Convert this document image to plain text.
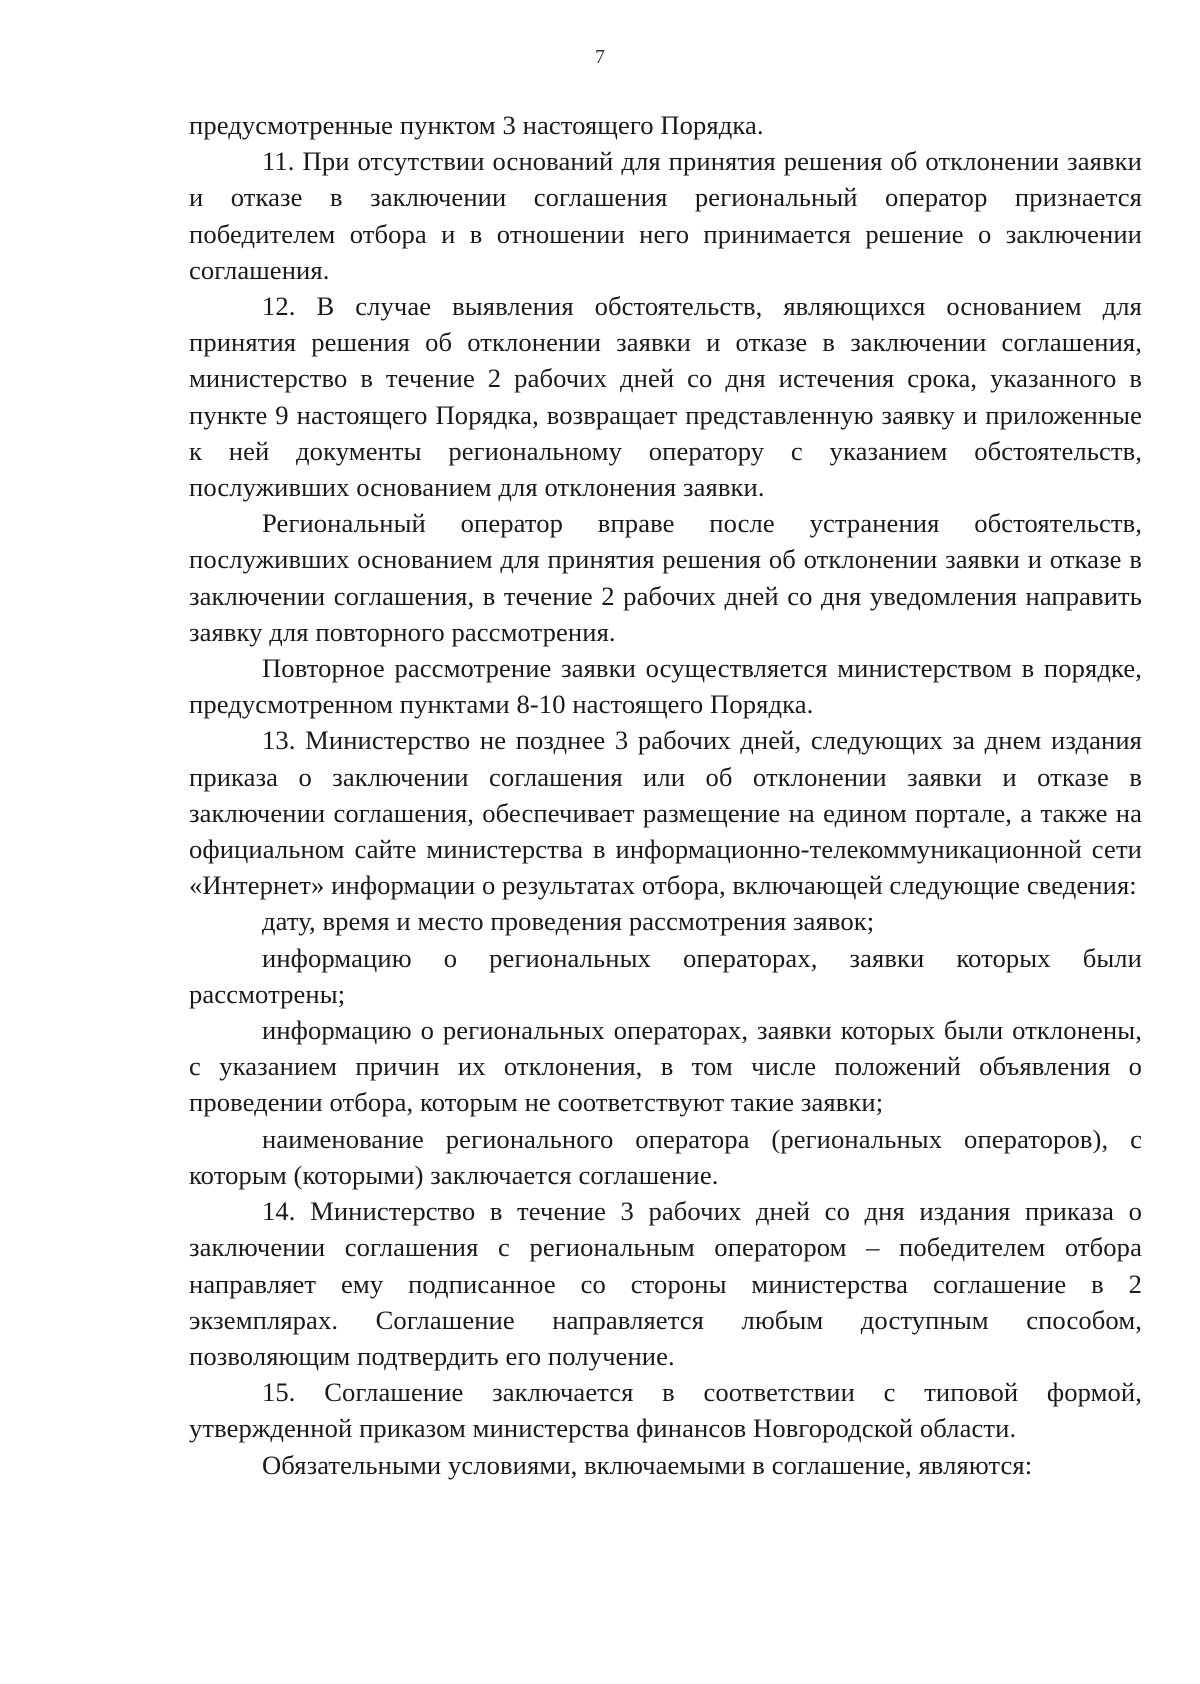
7

предусмотренные пунктом 3 настоящего Порядка.

11. При отсутствии оснований для принятия решения об отклонении заявки и отказе в заключении соглашения региональный оператор признается победителем отбора и в отношении него принимается решение о заключении соглашения.

12. В случае выявления обстоятельств, являющихся основанием для принятия решения об отклонении заявки и отказе в заключении соглашения, министерство в течение 2 рабочих дней со дня истечения срока, указанного в пункте 9 настоящего Порядка, возвращает представленную заявку и приложенные к ней документы региональному оператору с указанием обстоятельств, послуживших основанием для отклонения заявки.

Региональный оператор вправе после устранения обстоятельств, послуживших основанием для принятия решения об отклонении заявки и отказе в заключении соглашения, в течение 2 рабочих дней со дня уведомления направить заявку для повторного рассмотрения.

Повторное рассмотрение заявки осуществляется министерством в порядке, предусмотренном пунктами 8-10 настоящего Порядка.

13. Министерство не позднее 3 рабочих дней, следующих за днем издания приказа о заключении соглашения или об отклонении заявки и отказе в заключении соглашения, обеспечивает размещение на едином портале, а также на официальном сайте министерства в информационно-телекоммуникационной сети «Интернет» информации о результатах отбора, включающей следующие сведения:

дату, время и место проведения рассмотрения заявок;

информацию о региональных операторах, заявки которых были рассмотрены;

информацию о региональных операторах, заявки которых были отклонены, с указанием причин их отклонения, в том числе положений объявления о проведении отбора, которым не соответствуют такие заявки;

наименование регионального оператора (региональных операторов), с которым (которыми) заключается соглашение.

14. Министерство в течение 3 рабочих дней со дня издания приказа о заключении соглашения с региональным оператором – победителем отбора направляет ему подписанное со стороны министерства соглашение в 2 экземплярах. Соглашение направляется любым доступным способом, позволяющим подтвердить его получение.

15. Соглашение заключается в соответствии с типовой формой, утвержденной приказом министерства финансов Новгородской области.

Обязательными условиями, включаемыми в соглашение, являются:
